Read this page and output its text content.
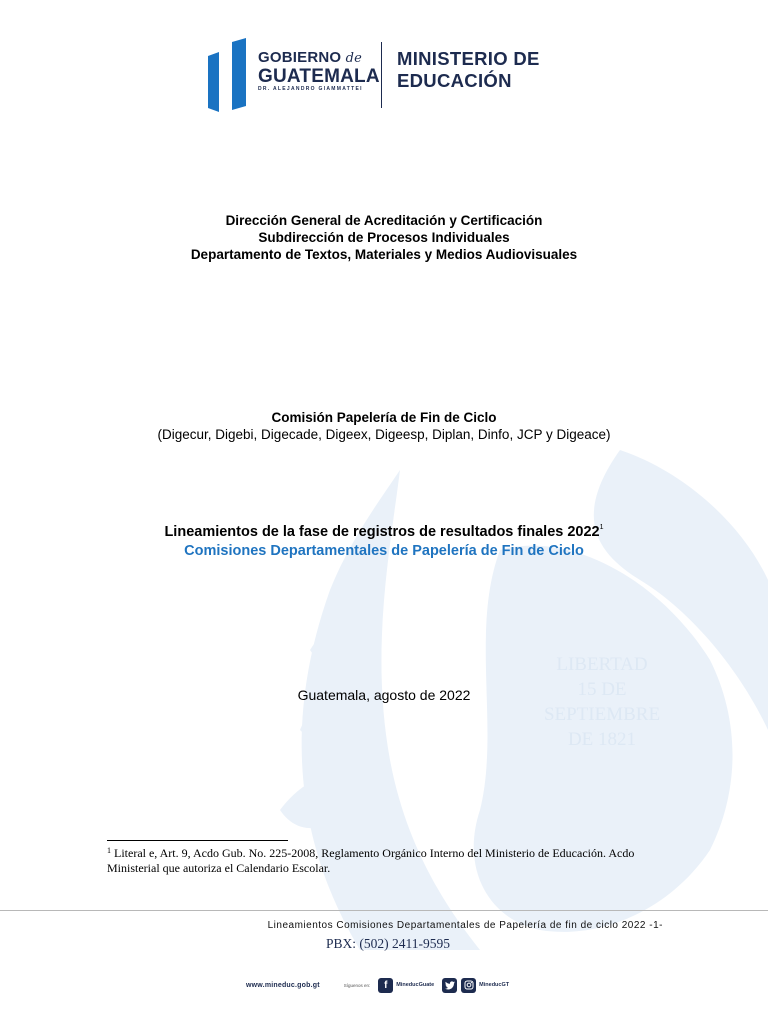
LIBERTAD
15 DE
SEPTIEMBRE
DE 1821
GOBIERNO de
GUATEMALA
DR. ALEJANDRO GIAMMATTEI
MINISTERIO DE
EDUCACIÓN
Dirección General de Acreditación y Certificación
Subdirección de Procesos Individuales
Departamento de Textos, Materiales y Medios Audiovisuales
Comisión Papelería de Fin de Ciclo
(Digecur, Digebi, Digecade, Digeex, Digeesp, Diplan, Dinfo, JCP y Digeace)
Lineamientos de la fase de registros de resultados finales 2022$^1$
Comisiones Departamentales de Papelería de Fin de Ciclo
Guatemala, agosto de 2022
$^1$ Literal e, Art. 9, Acdo Gub. No. 225-2008, Reglamento Orgánico Interno del Ministerio de Educación. Acdo Ministerial que autoriza el Calendario Escolar.
Lineamientos Comisiones Departamentales de Papelería de fin de ciclo 2022 -1-
PBX: (502) 2411-9595
www.mineduc.gob.gt	Síguenos en:	f	MineducGuate	MineducGT
